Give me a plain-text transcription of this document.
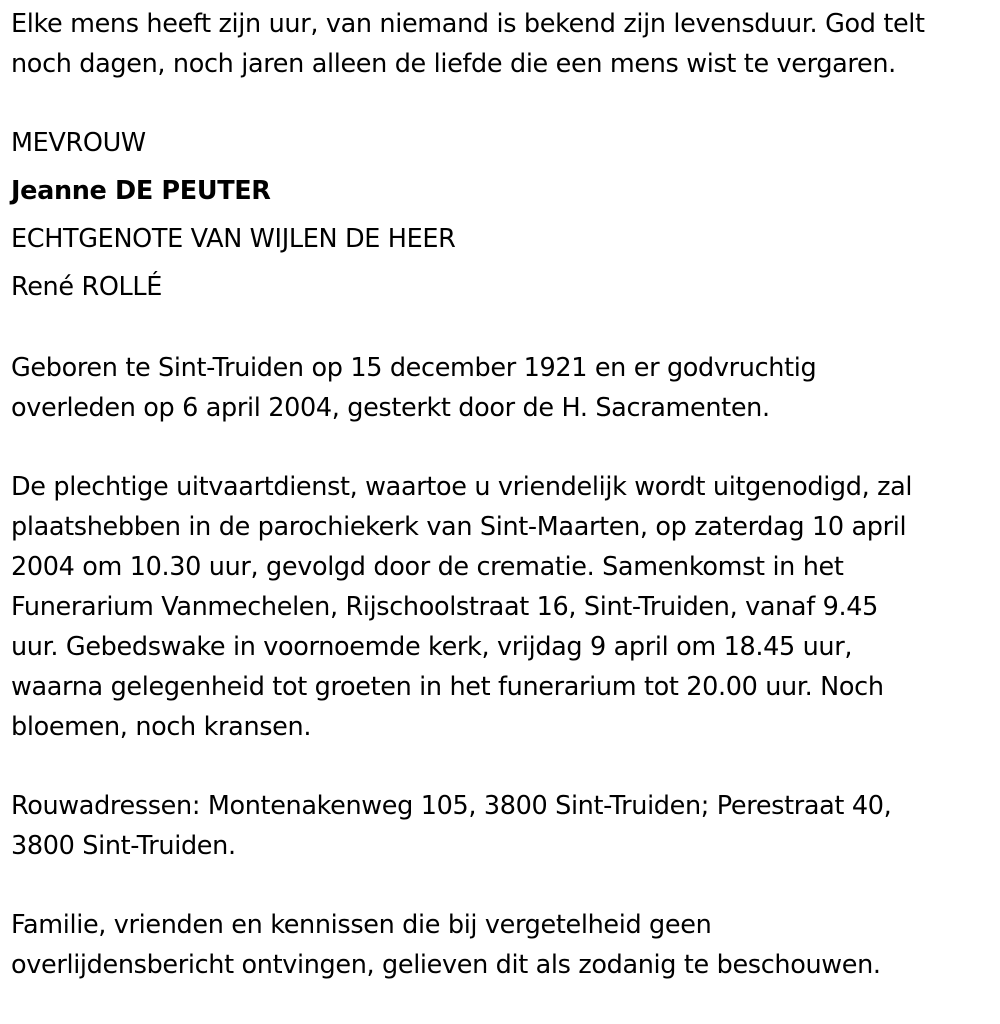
Elke mens heeft zijn uur, van niemand is bekend zijn levensduur. God telt
noch dagen, noch jaren alleen de liefde die een mens wist te vergaren.
MEVROUW
Jeanne DE PEUTER
ECHTGENOTE VAN WIJLEN DE HEER
René ROLLÉ
Geboren te Sint-Truiden op 15 december 1921 en er godvruchtig
overleden op 6 april 2004, gesterkt door de H. Sacramenten.
De plechtige uitvaartdienst, waartoe u vriendelijk wordt uitgenodigd, zal
plaatshebben in de parochiekerk van Sint-Maarten, op zaterdag 10 april
2004 om 10.30 uur, gevolgd door de crematie. Samenkomst in het
Funerarium Vanmechelen, Rijschoolstraat 16, Sint-Truiden, vanaf 9.45
uur. Gebedswake in voornoemde kerk, vrijdag 9 april om 18.45 uur,
waarna gelegenheid tot groeten in het funerarium tot 20.00 uur. Noch
bloemen, noch kransen.
Rouwadressen: Montenakenweg 105, 3800 Sint-Truiden; Perestraat 40,
3800 Sint-Truiden.
Familie, vrienden en kennissen die bij vergetelheid geen
overlijdensbericht ontvingen, gelieven dit als zodanig te beschouwen.
